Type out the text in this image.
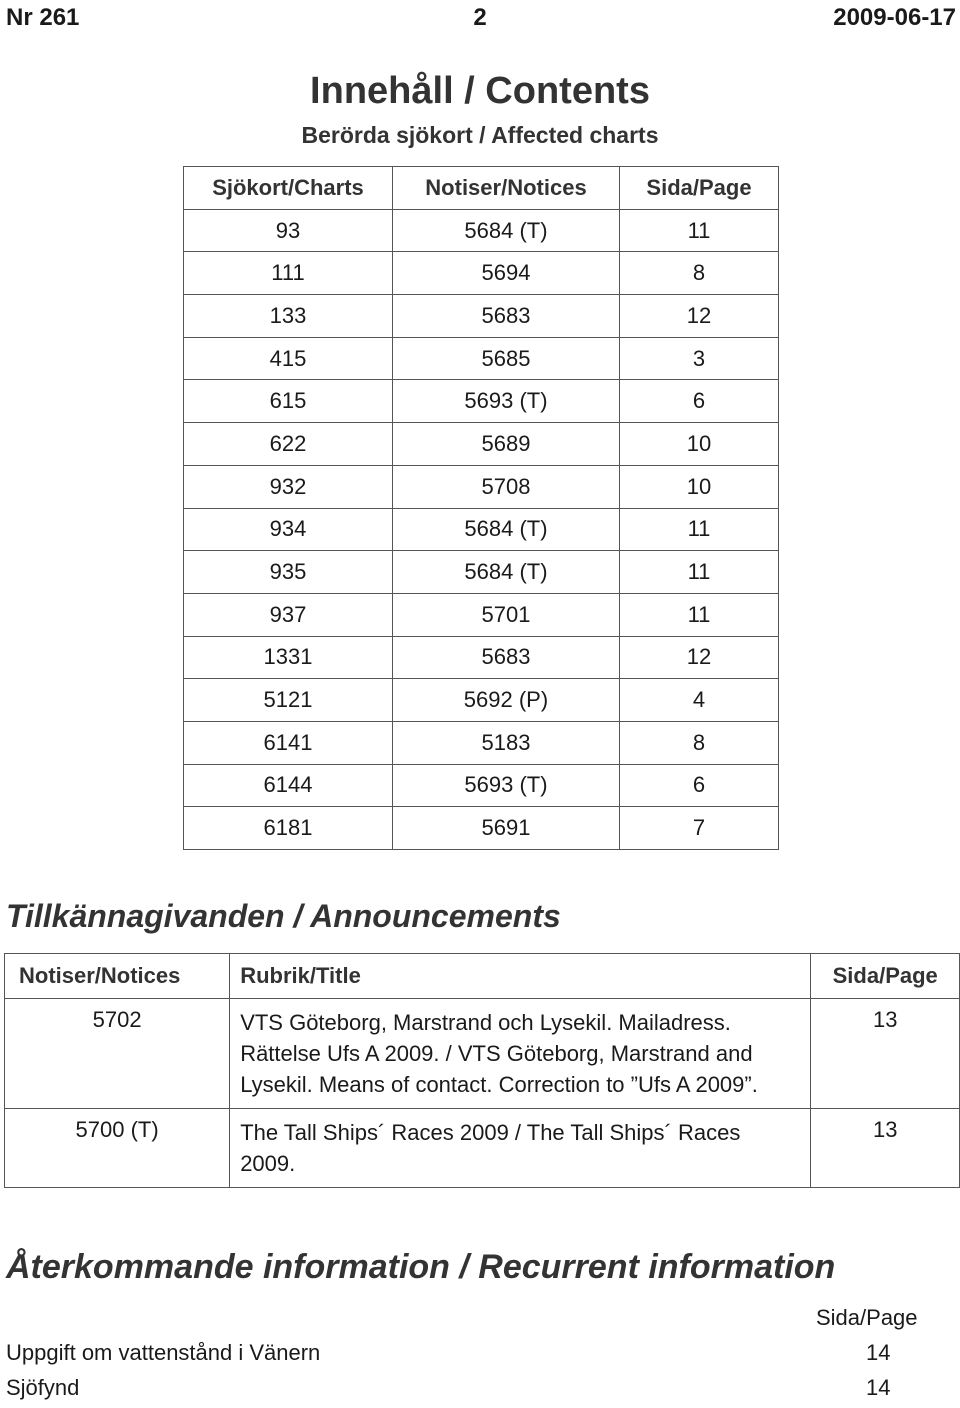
Nr 261	2	2009-06-17
Innehåll / Contents
Berörda sjökort / Affected charts
Sjökort/Charts	Notiser/Notices	Sida/Page
93	5684 (T)	11
111	5694	8
133	5683	12
415	5685	3
615	5693 (T)	6
622	5689	10
932	5708	10
934	5684 (T)	11
935	5684 (T)	11
937	5701	11
1331	5683	12
5121	5692 (P)	4
6141	5183	8
6144	5693 (T)	6
6181	5691	7
Tillkännagivanden / Announcements
Notiser/Notices	Rubrik/Title	Sida/Page
5702	VTS Göteborg, Marstrand och Lysekil. Mailadress. Rättelse Ufs A 2009. / VTS Göteborg, Marstrand and Lysekil. Means of contact. Correction to ”Ufs A 2009”.	13
5700 (T)	The Tall Ships´ Races 2009 / The Tall Ships´ Races 2009.	13
Återkommande information / Recurrent information
Sida/Page
Uppgift om vattenstånd i Vänern	14
Sjöfynd	14
